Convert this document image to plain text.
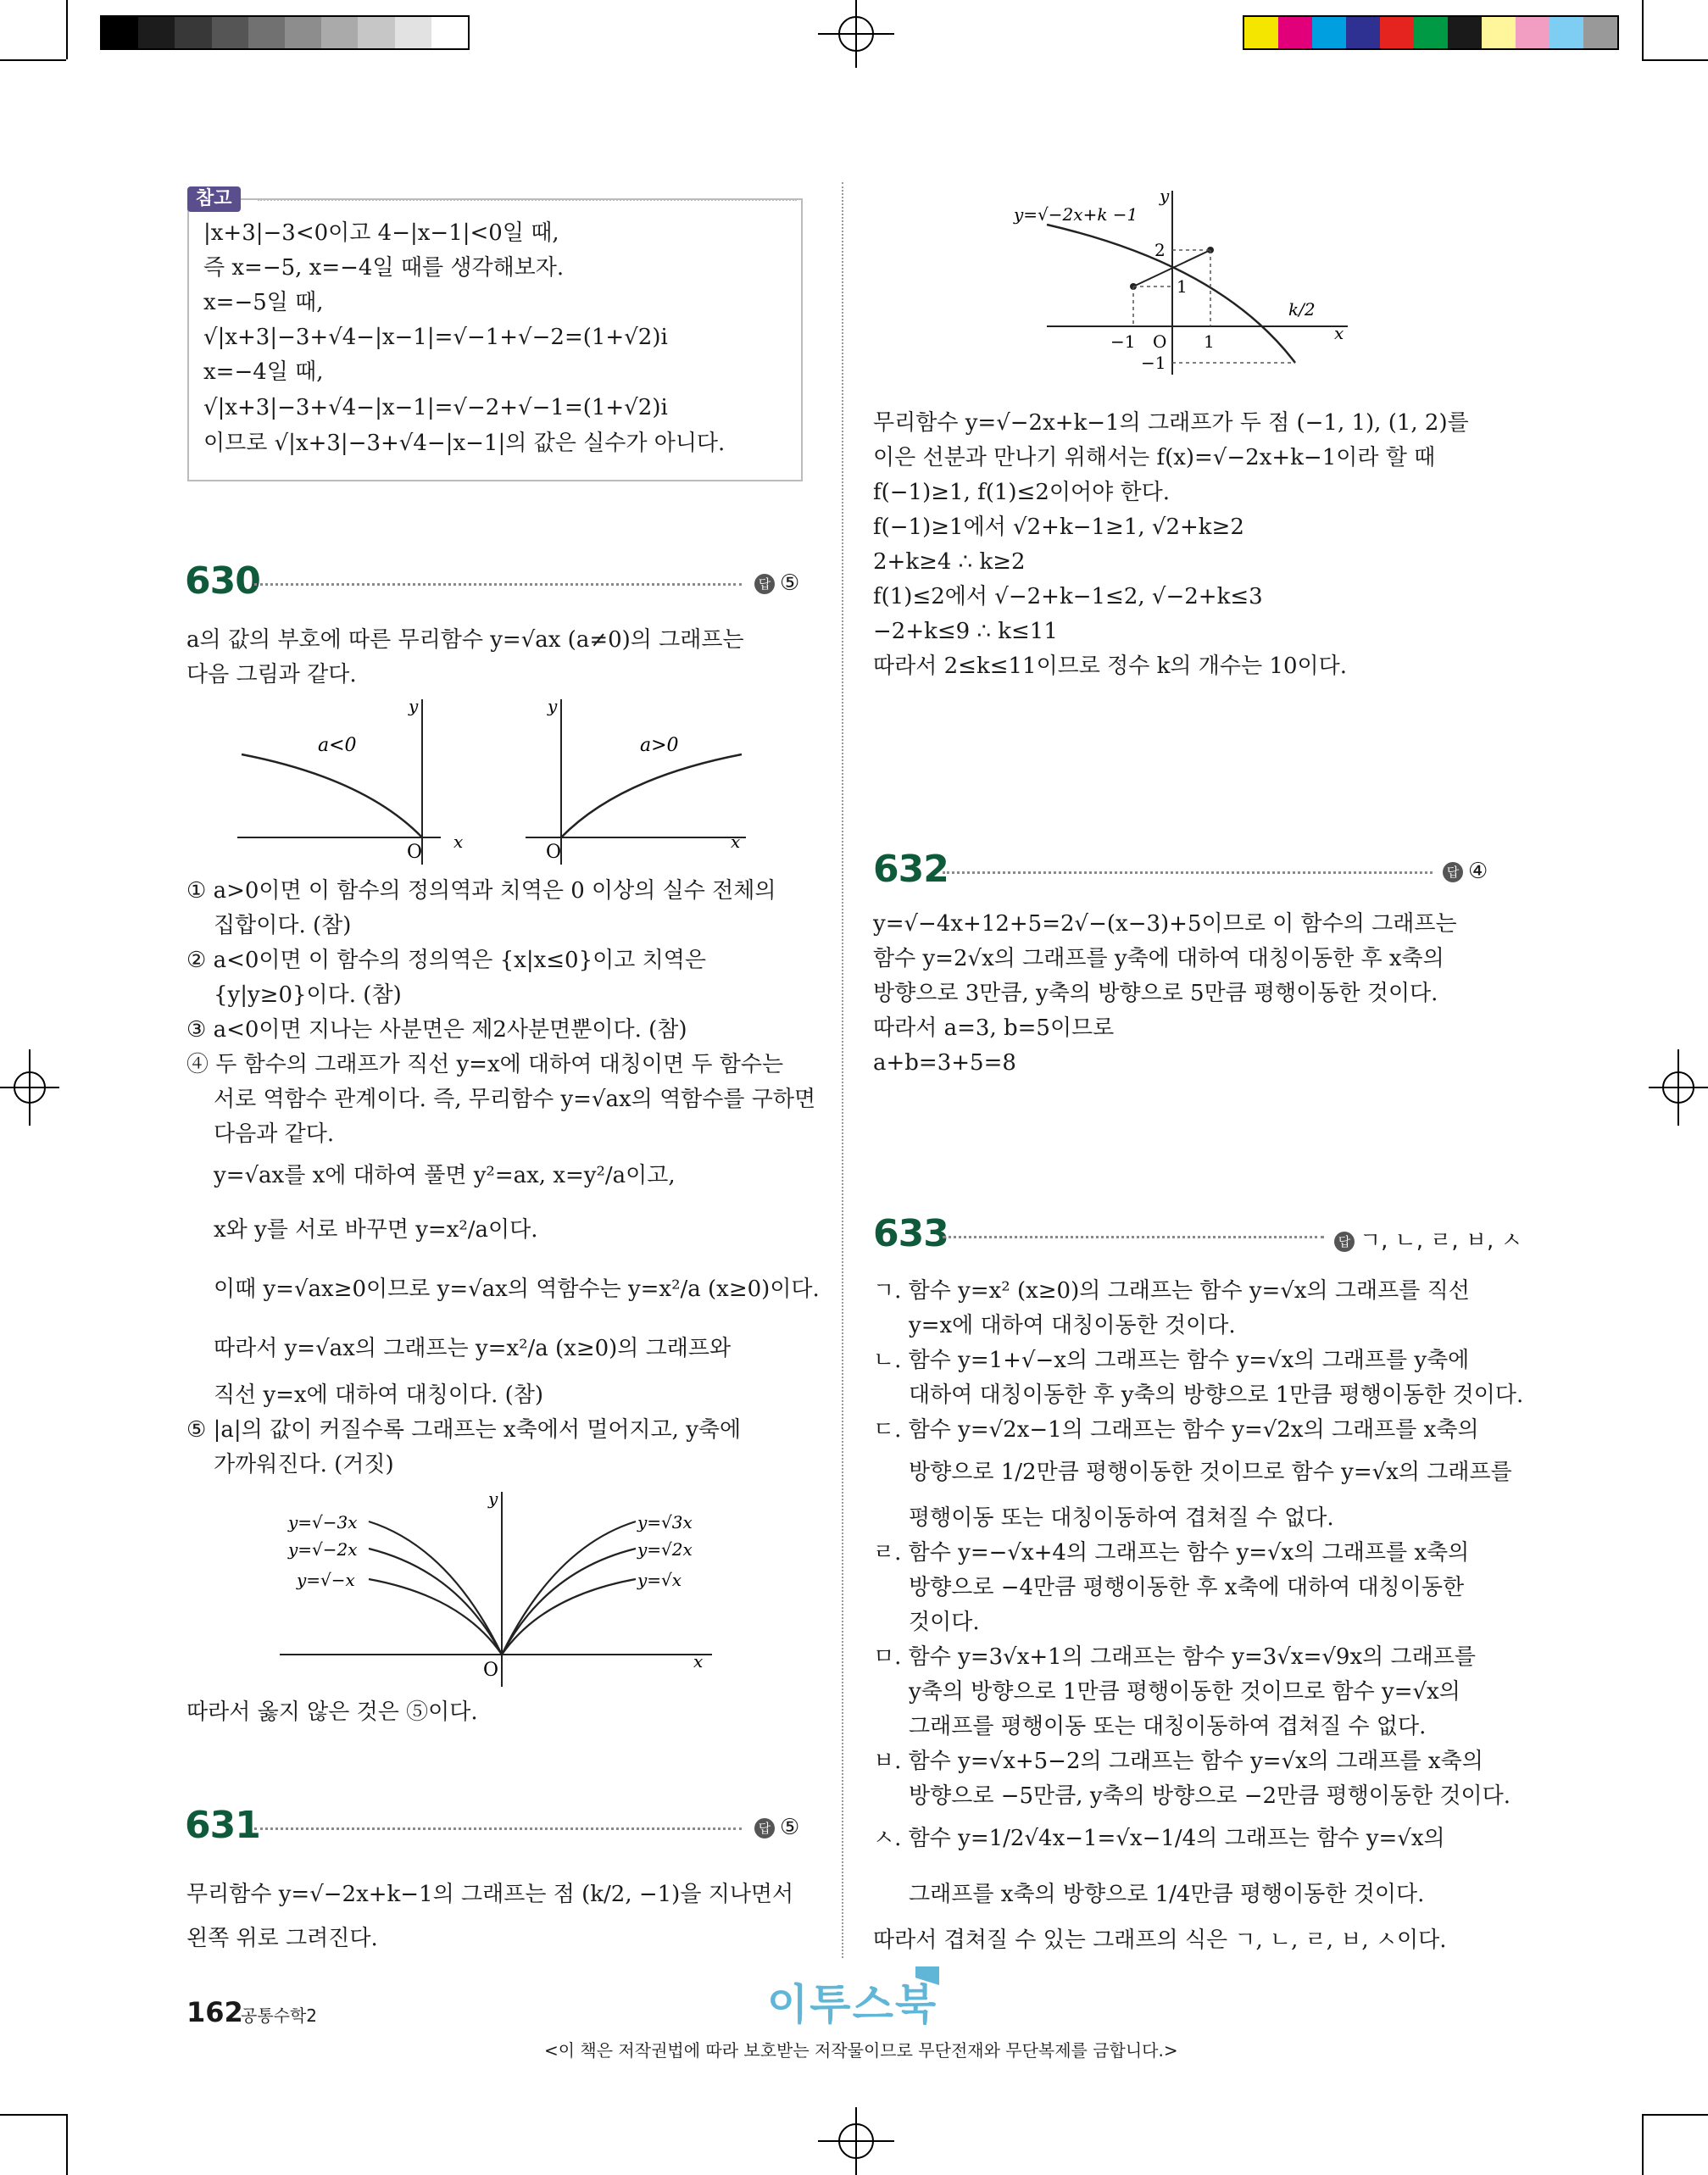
참고
|x+3|−3<0이고 4−|x−1|<0일 때,
즉 x=−5, x=−4일 때를 생각해보자.
x=−5일 때,
√|x+3|−3+√4−|x−1|=√−1+√−2=(1+√2)i
x=−4일 때,
√|x+3|−3+√4−|x−1|=√−2+√−1=(1+√2)i
이므로 √|x+3|−3+√4−|x−1|의 값은 실수가 아니다.
630	답 ⑤
a의 값의 부호에 따른 무리함수 y=√ax (a≠0)의 그래프는
다음 그림과 같다.
a<0
O x
y
a>0
O	x
y
① a>0이면 이 함수의 정의역과 치역은 0 이상의 실수 전체의
집합이다. (참)
② a<0이면 이 함수의 정의역은 {x|x≤0}이고 치역은
{y|y≥0}이다. (참)
③ a<0이면 지나는 사분면은 제2사분면뿐이다. (참)
④ 두 함수의 그래프가 직선 y=x에 대하여 대칭이면 두 함수는
서로 역함수 관계이다. 즉, 무리함수 y=√ax의 역함수를 구하면
다음과 같다.
y=√ax를 x에 대하여 풀면 y²=ax, x=y²/a이고,
x와 y를 서로 바꾸면 y=x²/a이다.
이때 y=√ax≥0이므로 y=√ax의 역함수는 y=x²/a (x≥0)이다.
따라서 y=√ax의 그래프는 y=x²/a (x≥0)의 그래프와
직선 y=x에 대하여 대칭이다. (참)
⑤ |a|의 값이 커질수록 그래프는 x축에서 멀어지고, y축에
가까워진다. (거짓)
y=√−3x
y=√−2x
y=√−x
y=√3x
y=√2x
y=√x
O	x
y
따라서 옳지 않은 것은 ⑤이다.
631	답 ⑤
무리함수 y=√−2x+k−1의 그래프는 점 (k/2, −1)을 지나면서
왼쪽 위로 그려진다.
y=√−2x+k −1
−1 O 1
2
1
−1
k/2
x
y
무리함수 y=√−2x+k−1의 그래프가 두 점 (−1, 1), (1, 2)를
이은 선분과 만나기 위해서는 f(x)=√−2x+k−1이라 할 때
f(−1)≥1, f(1)≤2이어야 한다.
f(−1)≥1에서 √2+k−1≥1, √2+k≥2
2+k≥4 ∴ k≥2
f(1)≤2에서 √−2+k−1≤2, √−2+k≤3
−2+k≤9 ∴ k≤11
따라서 2≤k≤11이므로 정수 k의 개수는 10이다.
632	답 ④
y=√−4x+12+5=2√−(x−3)+5이므로 이 함수의 그래프는
함수 y=2√x의 그래프를 y축에 대하여 대칭이동한 후 x축의
방향으로 3만큼, y축의 방향으로 5만큼 평행이동한 것이다.
따라서 a=3, b=5이므로
a+b=3+5=8
633	답 ㄱ, ㄴ, ㄹ, ㅂ, ㅅ
ㄱ. 함수 y=x² (x≥0)의 그래프는 함수 y=√x의 그래프를 직선
y=x에 대하여 대칭이동한 것이다.
ㄴ. 함수 y=1+√−x의 그래프는 함수 y=√x의 그래프를 y축에
대하여 대칭이동한 후 y축의 방향으로 1만큼 평행이동한 것이다.
ㄷ. 함수 y=√2x−1의 그래프는 함수 y=√2x의 그래프를 x축의
방향으로 1/2만큼 평행이동한 것이므로 함수 y=√x의 그래프를
평행이동 또는 대칭이동하여 겹쳐질 수 없다.
ㄹ. 함수 y=−√x+4의 그래프는 함수 y=√x의 그래프를 x축의
방향으로 −4만큼 평행이동한 후 x축에 대하여 대칭이동한
것이다.
ㅁ. 함수 y=3√x+1의 그래프는 함수 y=3√x=√9x의 그래프를
y축의 방향으로 1만큼 평행이동한 것이므로 함수 y=√x의
그래프를 평행이동 또는 대칭이동하여 겹쳐질 수 없다.
ㅂ. 함수 y=√x+5−2의 그래프는 함수 y=√x의 그래프를 x축의
방향으로 −5만큼, y축의 방향으로 −2만큼 평행이동한 것이다.
ㅅ. 함수 y=1/2√4x−1=√x−1/4의 그래프는 함수 y=√x의
그래프를 x축의 방향으로 1/4만큼 평행이동한 것이다.
따라서 겹쳐질 수 있는 그래프의 식은 ㄱ, ㄴ, ㄹ, ㅂ, ㅅ이다.
162
공통수학2	이투스북
<이 책은 저작권법에 따라 보호받는 저작물이므로 무단전재와 무단복제를 금합니다.>
